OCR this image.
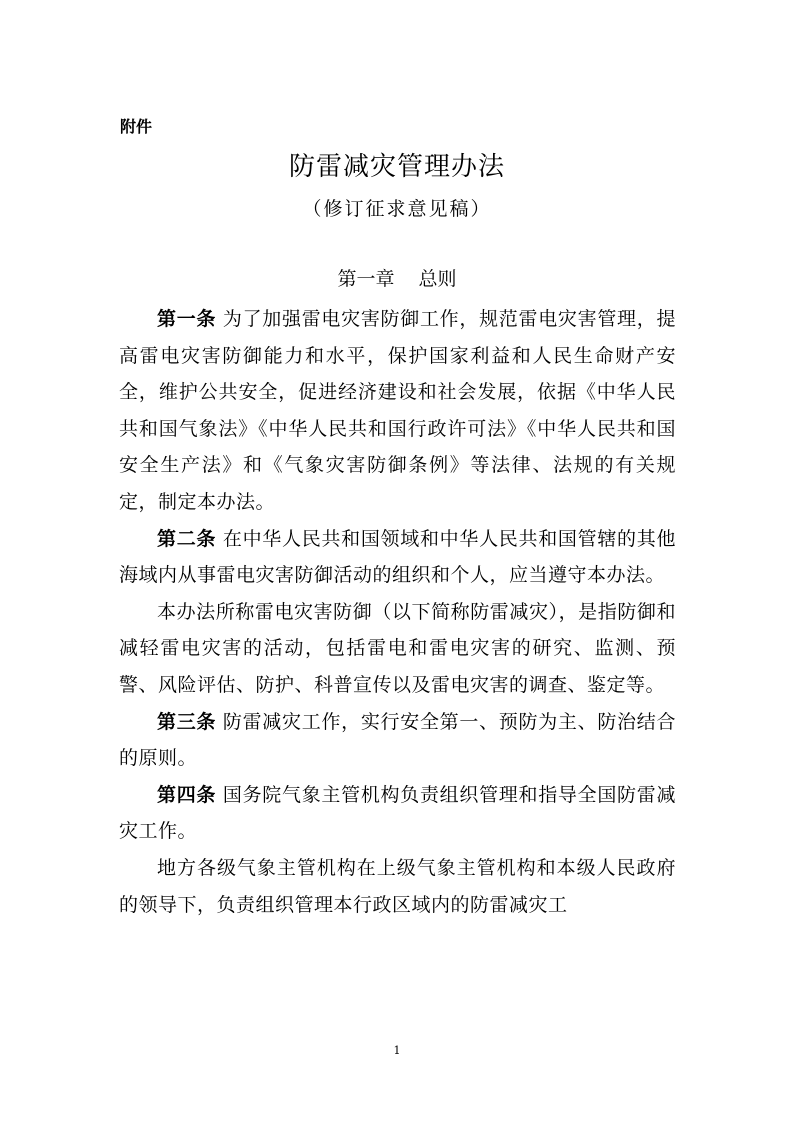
附件
防雷减灾管理办法
（修订征求意见稿）
第一章 总则

第一条 为了加强雷电灾害防御工作，规范雷电灾害管理，提高雷电灾害防御能力和水平，保护国家利益和人民生命财产安全，维护公共安全，促进经济建设和社会发展，依据《中华人民共和国气象法》《中华人民共和国行政许可法》《中华人民共和国安全生产法》和《气象灾害防御条例》等法律、法规的有关规定，制定本办法。

第二条 在中华人民共和国领域和中华人民共和国管辖的其他海域内从事雷电灾害防御活动的组织和个人，应当遵守本办法。

本办法所称雷电灾害防御（以下简称防雷减灾），是指防御和减轻雷电灾害的活动，包括雷电和雷电灾害的研究、监测、预警、风险评估、防护、科普宣传以及雷电灾害的调查、鉴定等。

第三条 防雷减灾工作，实行安全第一、预防为主、防治结合的原则。

第四条 国务院气象主管机构负责组织管理和指导全国防雷减灾工作。

地方各级气象主管机构在上级气象主管机构和本级人民政府的领导下，负责组织管理本行政区域内的防雷减灾工

1
